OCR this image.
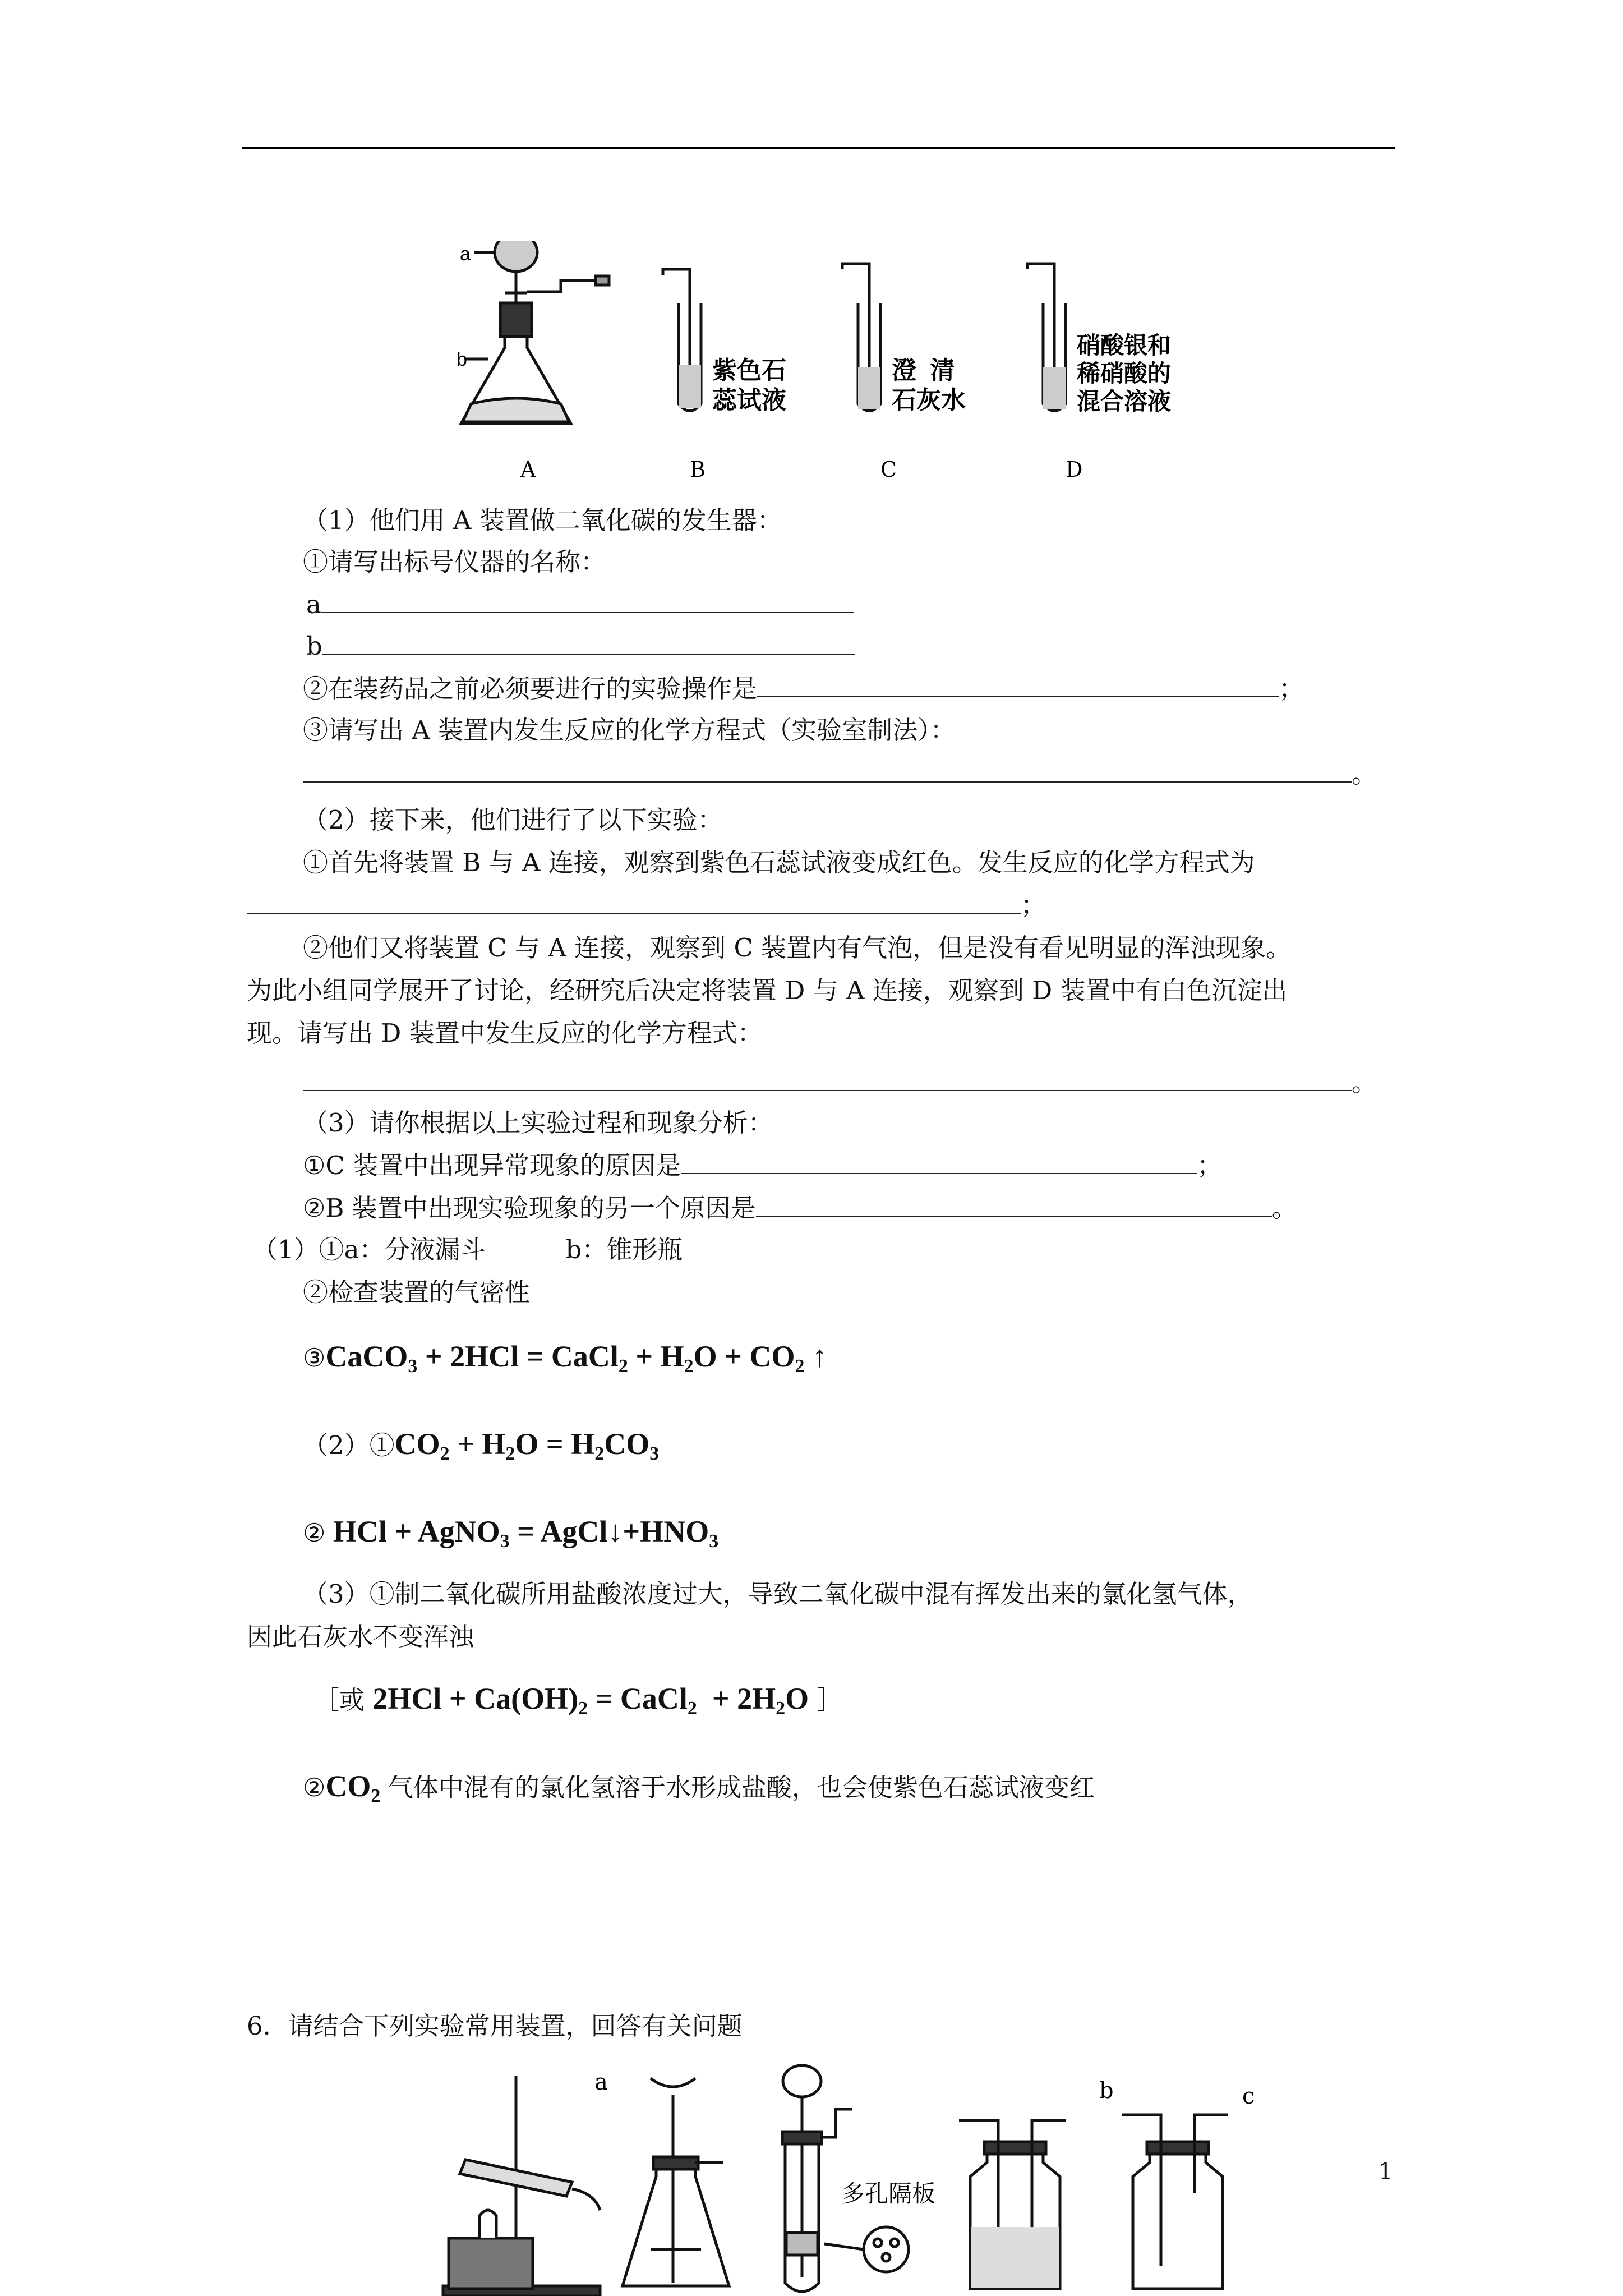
a
b	紫色石
蕊试液
澄  清
石灰水
硝酸银和
稀硝酸的
混合溶液
A	B	C	D
（1）他们用 A 装置做二氧化碳的发生器：
①请写出标号仪器的名称：
a
b
②在装药品之前必须要进行的实验操作是	；
③请写出 A 装置内发生反应的化学方程式（实验室制法）：
。
（2）接下来，他们进行了以下实验：
①首先将装置 B 与 A 连接，观察到紫色石蕊试液变成红色。发生反应的化学方程式为
；
②他们又将装置 C 与 A 连接，观察到 C 装置内有气泡，但是没有看见明显的浑浊现象。
为此小组同学展开了讨论，经研究后决定将装置 D 与 A 连接，观察到 D 装置中有白色沉淀出
现。请写出 D 装置中发生反应的化学方程式：
。
（3）请你根据以上实验过程和现象分析：
①C 装置中出现异常现象的原因是	；
②B 装置中出现实验现象的另一个原因是	。
（1）①a：分液漏斗          b：锥形瓶
②检查装置的气密性
③CaCO$_3$ + 2HCl = CaCl$_2$ + $H_2O + CO_2$ ↑
$(2)①CO_2 + H_2O = H_2CO_3$
② HCl + AgNO$_3$ = $AgCl↓+HNO_3$
（3）①制二氧化碳所用盐酸浓度过大，导致二氧化碳中混有挥发出来的氯化氢气体，
因此石灰水不变浑浊
［或 $2HCl + Ca(OH)_2$ = CaCl$_2$  + $2H_2O$ ］
$②CO_2$ 气体中混有的氯化氢溶于水形成盐酸，也会使紫色石蕊试液变红
6．请结合下列实验常用装置，回答有关问题
a	b	c
多孔隔板
1
